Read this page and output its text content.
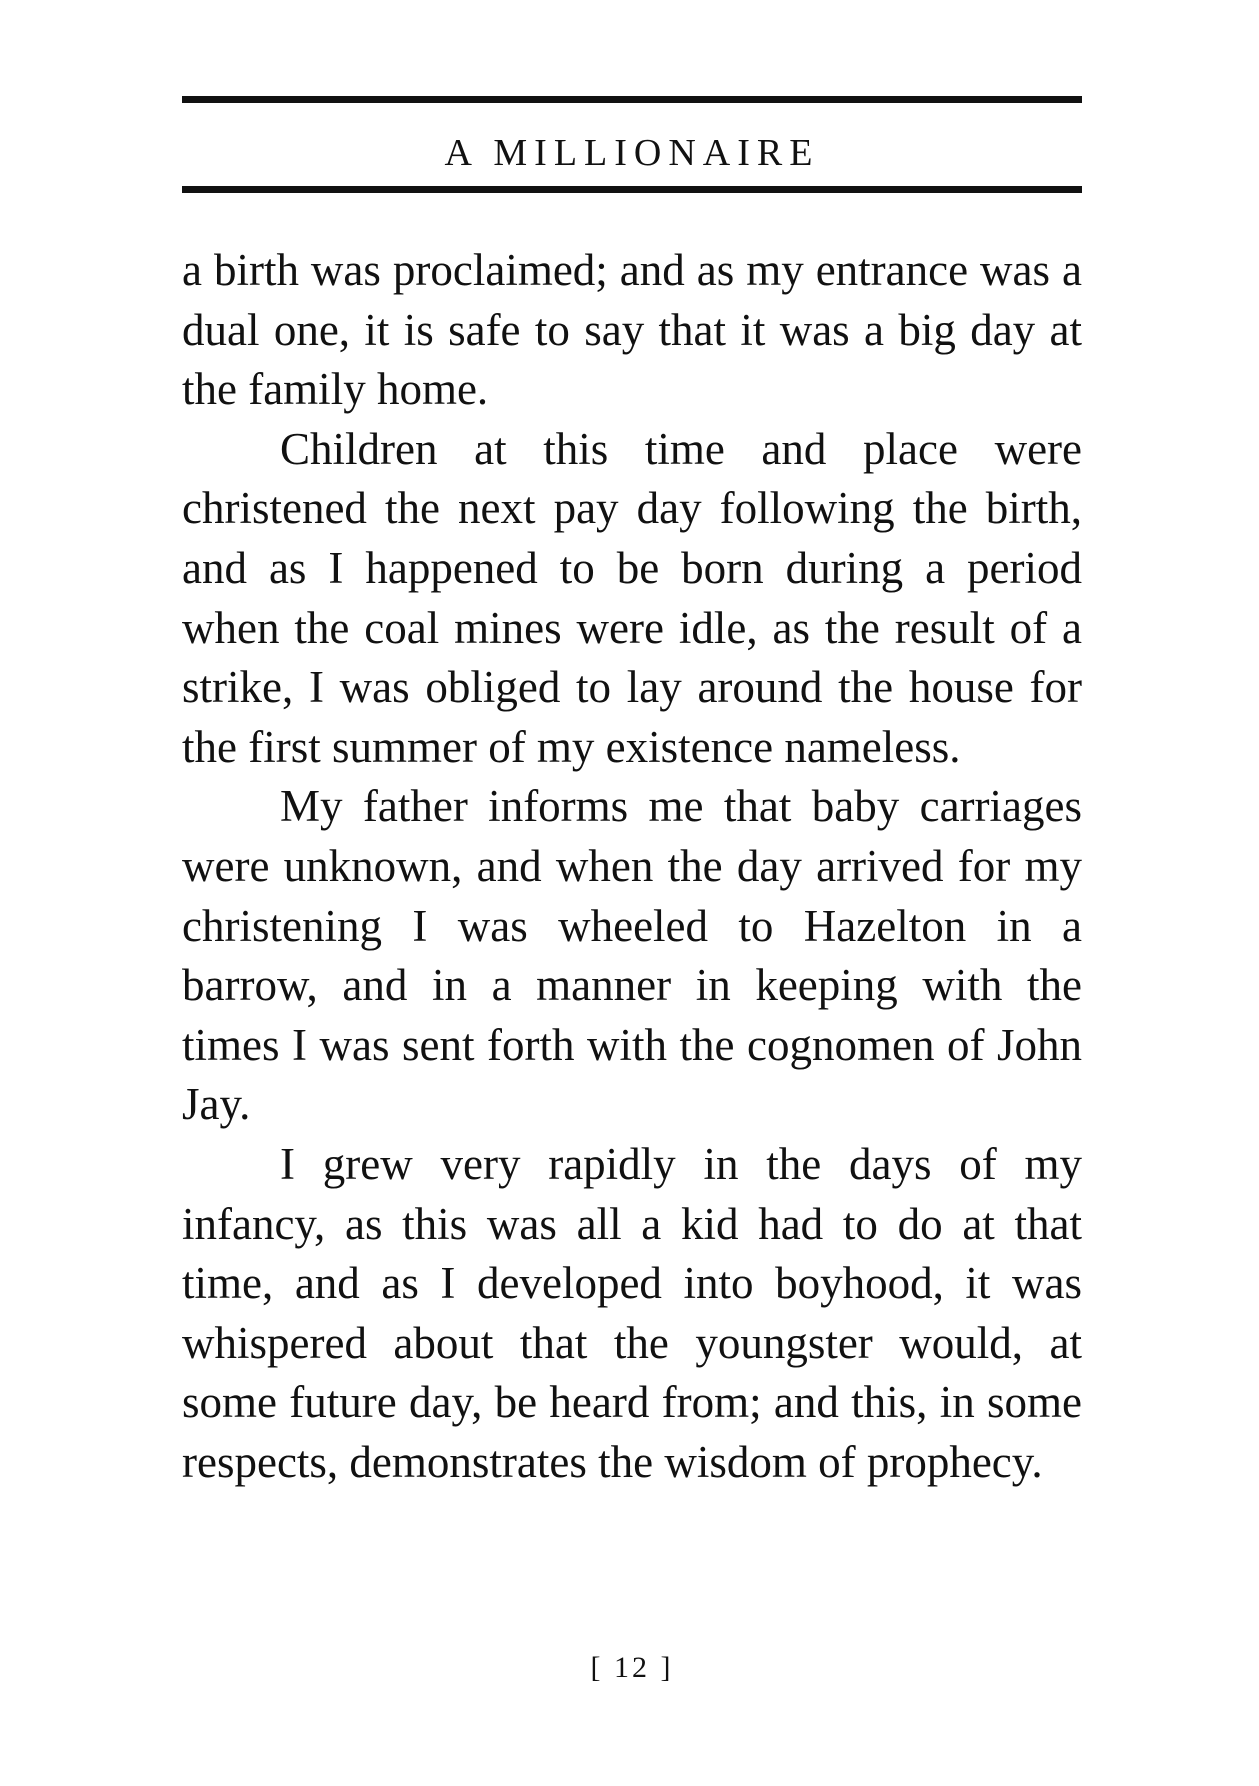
A MILLIONAIRE

a birth was proclaimed; and as my entrance was a dual one, it is safe to say that it was a big day at the family home.

Children at this time and place were christened the next pay day following the birth, and as I happened to be born during a period when the coal mines were idle, as the result of a strike, I was obliged to lay around the house for the first summer of my existence nameless.

My father informs me that baby carriages were unknown, and when the day arrived for my christening I was wheeled to Hazelton in a barrow, and in a manner in keeping with the times I was sent forth with the cognomen of John Jay.

I grew very rapidly in the days of my infancy, as this was all a kid had to do at that time, and as I developed into boyhood, it was whispered about that the youngster would, at some future day, be heard from; and this, in some respects, demonstrates the wisdom of prophecy.

[ 12 ]
